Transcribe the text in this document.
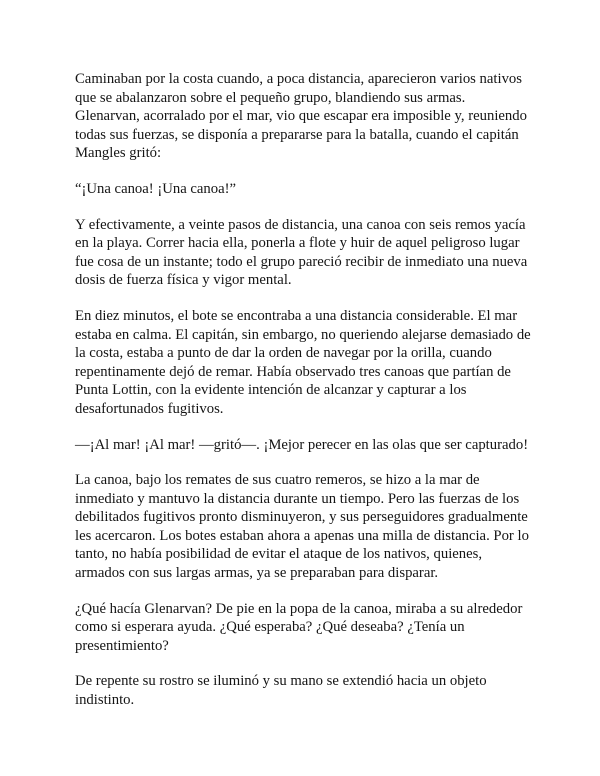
Caminaban por la costa cuando, a poca distancia, aparecieron varios nativos que se abalanzaron sobre el pequeño grupo, blandiendo sus armas. Glenarvan, acorralado por el mar, vio que escapar era imposible y, reuniendo todas sus fuerzas, se disponía a prepararse para la batalla, cuando el capitán Mangles gritó:

“¡Una canoa! ¡Una canoa!”

Y efectivamente, a veinte pasos de distancia, una canoa con seis remos yacía en la playa. Correr hacia ella, ponerla a flote y huir de aquel peligroso lugar fue cosa de un instante; todo el grupo pareció recibir de inmediato una nueva dosis de fuerza física y vigor mental.

En diez minutos, el bote se encontraba a una distancia considerable. El mar estaba en calma. El capitán, sin embargo, no queriendo alejarse demasiado de la costa, estaba a punto de dar la orden de navegar por la orilla, cuando repentinamente dejó de remar. Había observado tres canoas que partían de Punta Lottin, con la evidente intención de alcanzar y capturar a los desafortunados fugitivos.

—¡Al mar! ¡Al mar! —gritó—. ¡Mejor perecer en las olas que ser capturado!

La canoa, bajo los remates de sus cuatro remeros, se hizo a la mar de inmediato y mantuvo la distancia durante un tiempo. Pero las fuerzas de los debilitados fugitivos pronto disminuyeron, y sus perseguidores gradualmente les acercaron. Los botes estaban ahora a apenas una milla de distancia. Por lo tanto, no había posibilidad de evitar el ataque de los nativos, quienes, armados con sus largas armas, ya se preparaban para disparar.

¿Qué hacía Glenarvan? De pie en la popa de la canoa, miraba a su alrededor como si esperara ayuda. ¿Qué esperaba? ¿Qué deseaba? ¿Tenía un presentimiento?

De repente su rostro se iluminó y su mano se extendió hacia un objeto indistinto.
